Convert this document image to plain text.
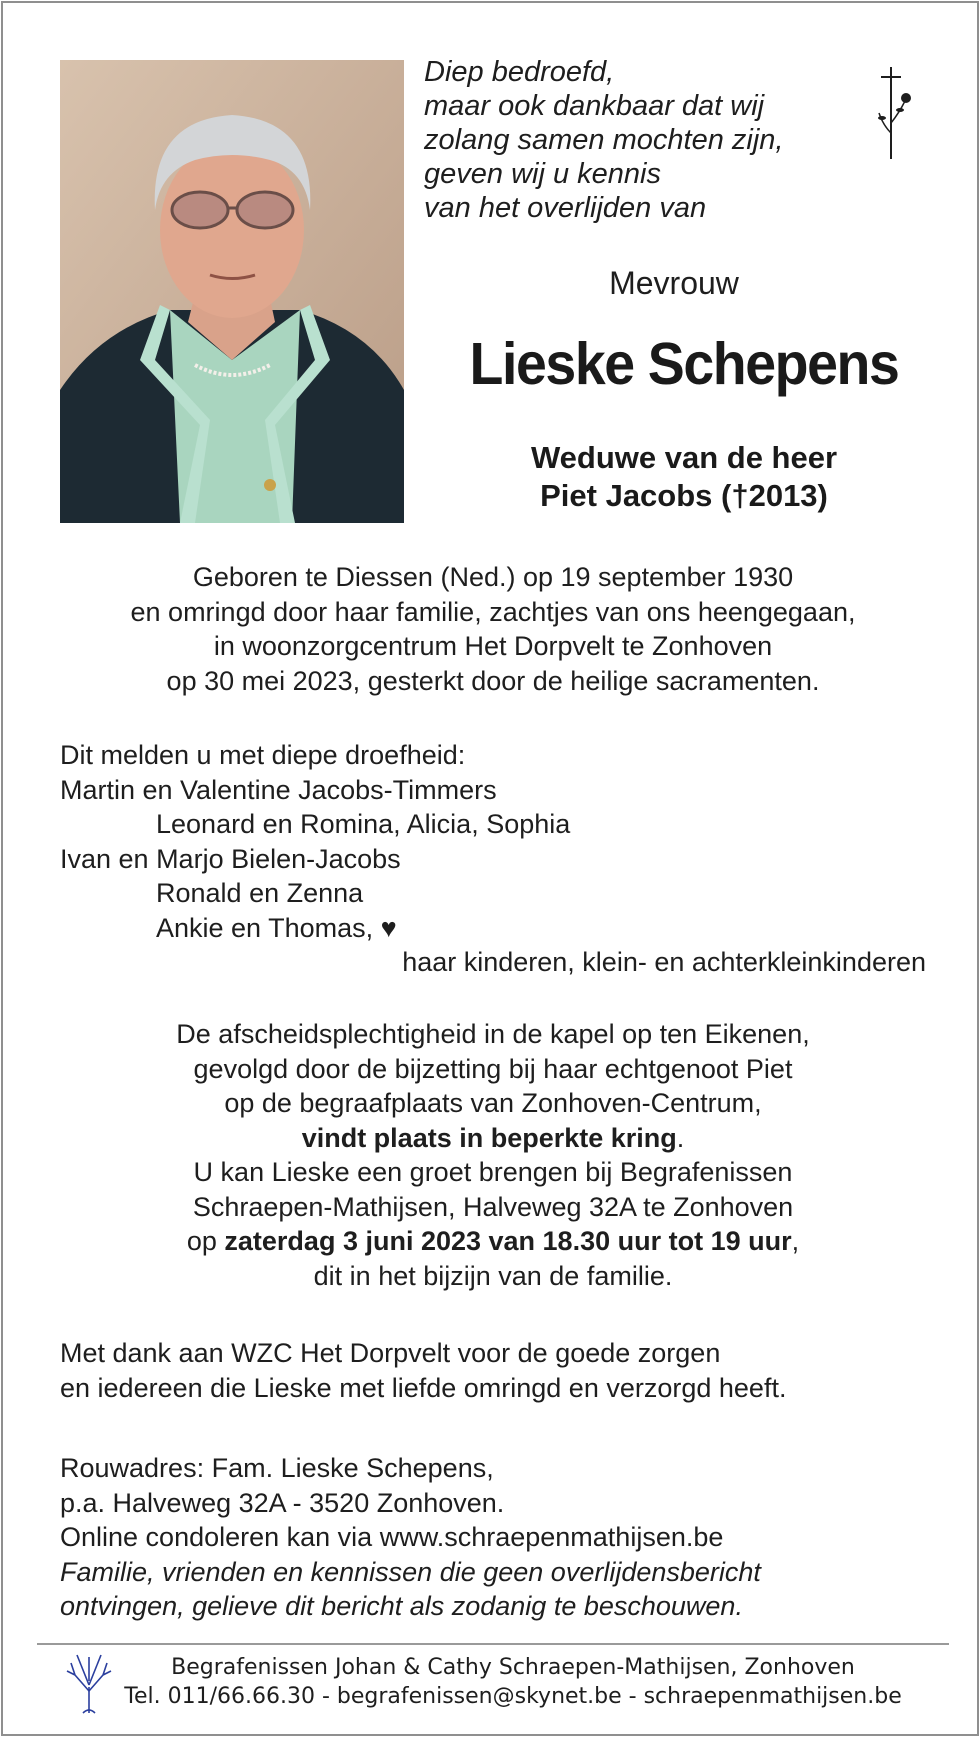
Diep bedroefd,
maar ook dankbaar dat wij
zolang samen mochten zijn,
geven wij u kennis
van het overlijden van
Mevrouw
Lieske Schepens
Weduwe van de heer
Piet Jacobs (†2013)
Geboren te Diessen (Ned.) op 19 september 1930
en omringd door haar familie, zachtjes van ons heengegaan,
in woonzorgcentrum Het Dorpvelt te Zonhoven
op 30 mei 2023, gesterkt door de heilige sacramenten.
Dit melden u met diepe droefheid:
Martin en Valentine Jacobs-Timmers
Leonard en Romina, Alicia, Sophia
Ivan en Marjo Bielen-Jacobs
Ronald en Zenna
Ankie en Thomas, ♥
haar kinderen, klein- en achterkleinkinderen
De afscheidsplechtigheid in de kapel op ten Eikenen,
gevolgd door de bijzetting bij haar echtgenoot Piet
op de begraafplaats van Zonhoven-Centrum,
vindt plaats in beperkte kring.
U kan Lieske een groet brengen bij Begrafenissen
Schraepen-Mathijsen, Halveweg 32A te Zonhoven
op zaterdag 3 juni 2023 van 18.30 uur tot 19 uur,
dit in het bijzijn van de familie.
Met dank aan WZC Het Dorpvelt voor de goede zorgen
en iedereen die Lieske met liefde omringd en verzorgd heeft.
Rouwadres: Fam. Lieske Schepens,
p.a. Halveweg 32A - 3520 Zonhoven.
Online condoleren kan via www.schraepenmathijsen.be
Familie, vrienden en kennissen die geen overlijdensbericht
ontvingen, gelieve dit bericht als zodanig te beschouwen.
Begrafenissen Johan & Cathy Schraepen-Mathijsen, Zonhoven
Tel. 011/66.66.30 - begrafenissen@skynet.be - schraepenmathijsen.be
